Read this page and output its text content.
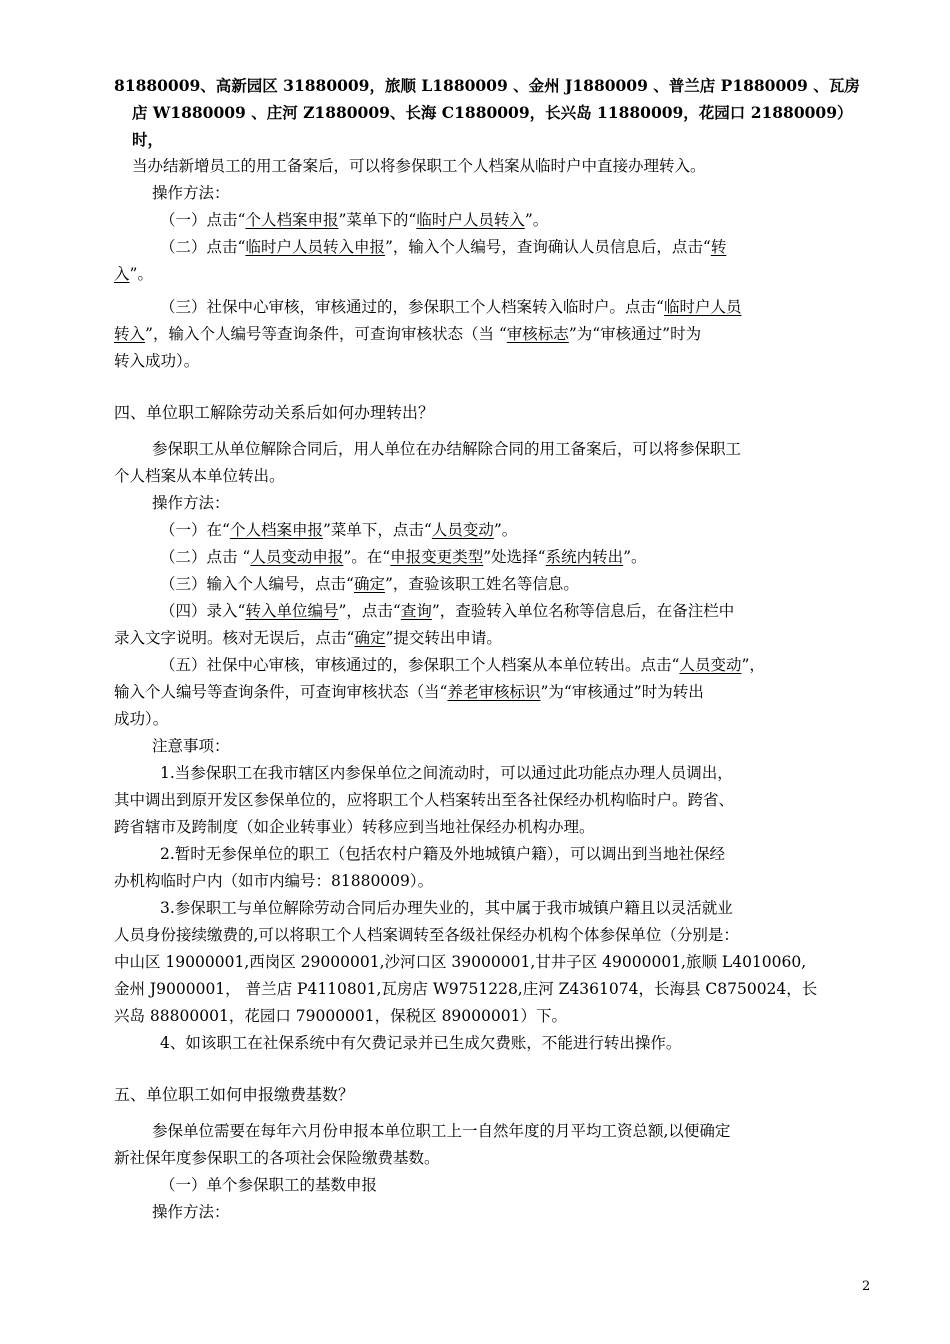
81880009、高新园区 31880009，旅顺 L1880009 、金州 J1880009 、普兰店 P1880009 、瓦房

店 W1880009 、庄河 Z1880009、长海 C1880009，长兴岛 11880009，花园口 21880009）时，

当办结新增员工的用工备案后，可以将参保职工个人档案从临时户中直接办理转入。

操作方法：

（一）点击“个人档案申报”菜单下的“临时户人员转入”。

（二）点击“临时户人员转入申报”，输入个人编号，查询确认人员信息后，点击“转

入”。

（三）社保中心审核，审核通过的，参保职工个人档案转入临时户。点击“临时户人员

转入”，输入个人编号等查询条件，可查询审核状态（当 “审核标志”为“审核通过”时为

转入成功）。

四、单位职工解除劳动关系后如何办理转出？

参保职工从单位解除合同后，用人单位在办结解除合同的用工备案后，可以将参保职工

个人档案从本单位转出。

操作方法：

（一）在“个人档案申报”菜单下，点击“人员变动”。

（二）点击 “人员变动申报”。在“申报变更类型”处选择“系统内转出”。

（三）输入个人编号，点击“确定”，查验该职工姓名等信息。

（四）录入“转入单位编号”，点击“查询”，查验转入单位名称等信息后，在备注栏中

录入文字说明。核对无误后，点击“确定”提交转出申请。

（五）社保中心审核，审核通过的，参保职工个人档案从本单位转出。点击“人员变动”，

输入个人编号等查询条件，可查询审核状态（当“养老审核标识”为“审核通过”时为转出

成功）。

注意事项：

1.当参保职工在我市辖区内参保单位之间流动时，可以通过此功能点办理人员调出，

其中调出到原开发区参保单位的，应将职工个人档案转出至各社保经办机构临时户。跨省、

跨省辖市及跨制度（如企业转事业）转移应到当地社保经办机构办理。

2.暂时无参保单位的职工（包括农村户籍及外地城镇户籍），可以调出到当地社保经

办机构临时户内（如市内编号：81880009）。

3.参保职工与单位解除劳动合同后办理失业的，其中属于我市城镇户籍且以灵活就业

人员身份接续缴费的,可以将职工个人档案调转至各级社保经办机构个体参保单位（分别是：

中山区 19000001,西岗区 29000001,沙河口区 39000001,甘井子区 49000001,旅顺 L4010060,

金州 J9000001， 普兰店 P4110801,瓦房店 W9751228,庄河 Z4361074，长海县 C8750024，长

兴岛 88800001，花园口 79000001，保税区 89000001）下。

4、如该职工在社保系统中有欠费记录并已生成欠费账，不能进行转出操作。

五、单位职工如何申报缴费基数？

参保单位需要在每年六月份申报本单位职工上一自然年度的月平均工资总额,以便确定

新社保年度参保职工的各项社会保险缴费基数。

（一）单个参保职工的基数申报

操作方法：

2
